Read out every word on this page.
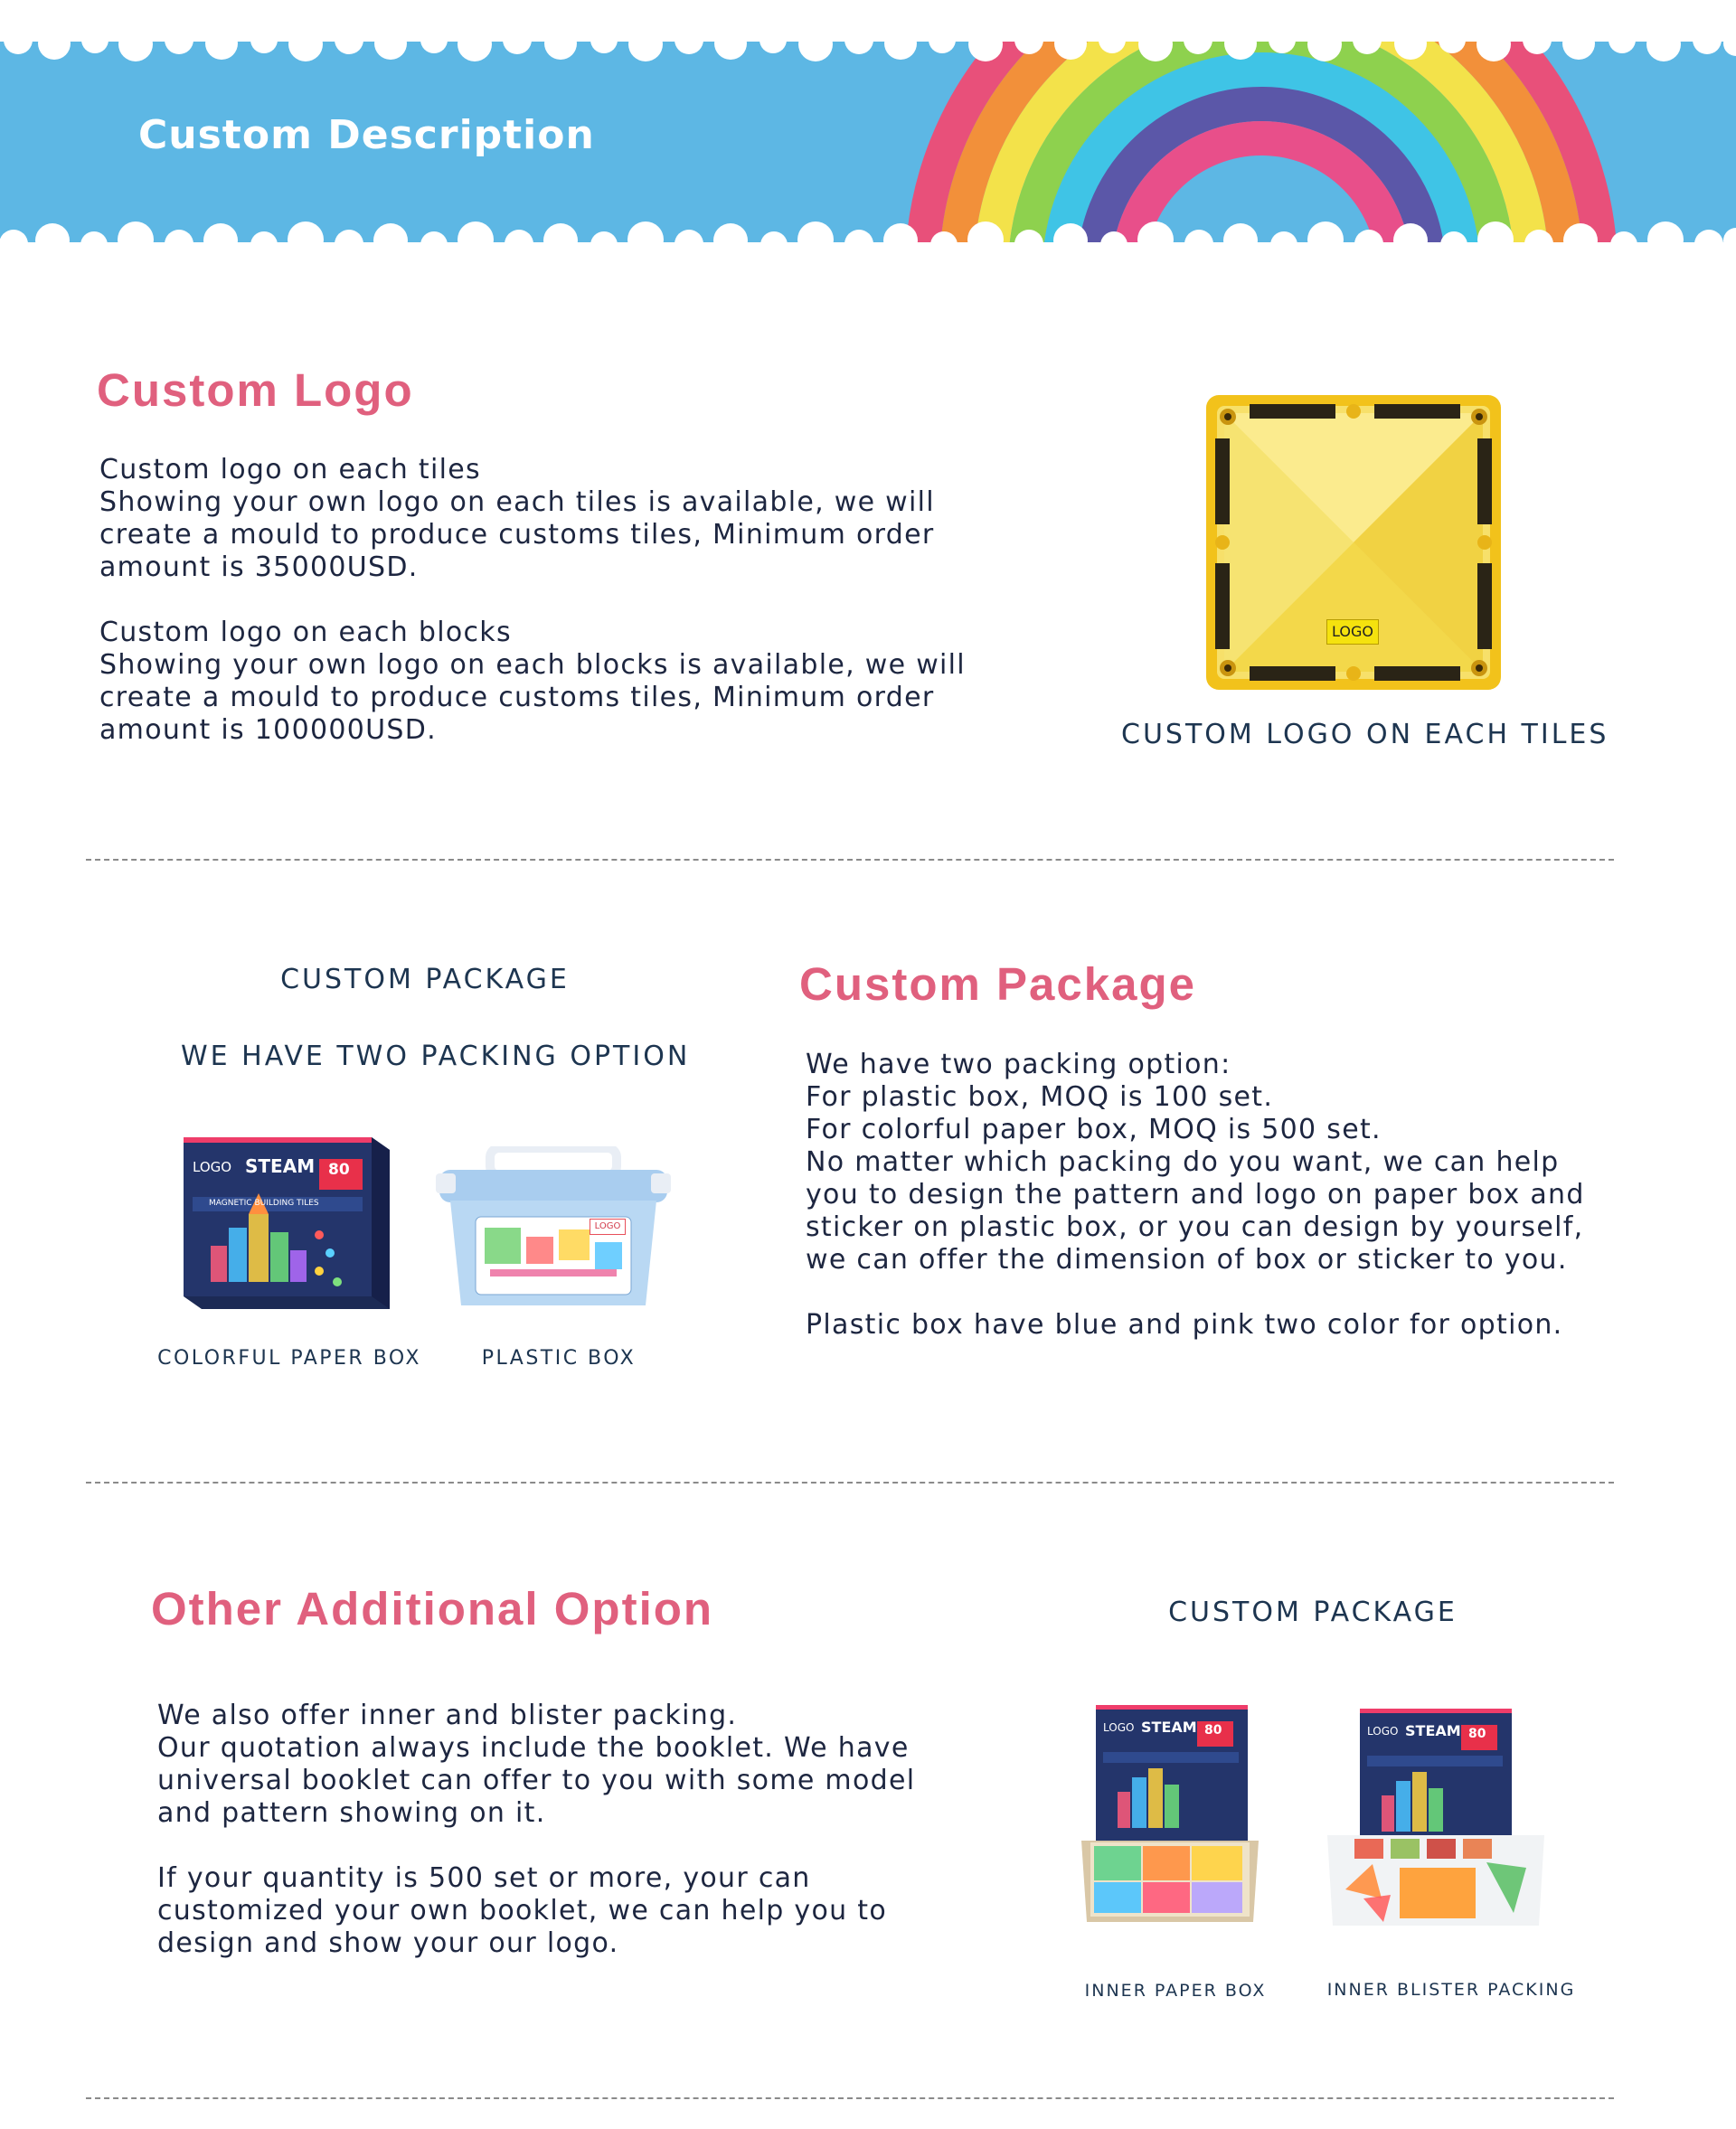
Custom Description
Custom Logo

Custom logo on each tiles

Showing your own logo on each tiles is available, we will

create a mould to produce customs tiles, Minimum order

amount is 35000USD.

Custom logo on each blocks

Showing your own logo on each blocks is available, we will

create a mould to produce customs tiles, Minimum order

amount is 100000USD.

LOGO
CUSTOM LOGO ON EACH TILES
CUSTOM PACKAGE
WE HAVE TWO PACKING OPTION
LOGO STEAM 80
MAGNETIC BUILDING TILES
LOGO
COLORFUL PAPER BOX	PLASTIC BOX
Custom Package

We have two packing option:

For plastic box, MOQ is 100 set.

For colorful paper box, MOQ is 500 set.

No matter which packing do you want, we can help

you to design the pattern and logo on paper box and

sticker on plastic box, or you can design by yourself,

we can offer the dimension of box or sticker to you.

Plastic box have blue and pink two color for option.

Other Additional Option

We also offer inner and blister packing.

Our quotation always include the booklet. We have

universal booklet can offer to you with some model

and pattern showing on it.

If your quantity is 500 set or more, your can

customized your own booklet, we can help you to

design and show your our logo.

CUSTOM PACKAGE
LOGO STEAM 80	LOGO STEAM 80
INNER PAPER BOX	INNER BLISTER PACKING
